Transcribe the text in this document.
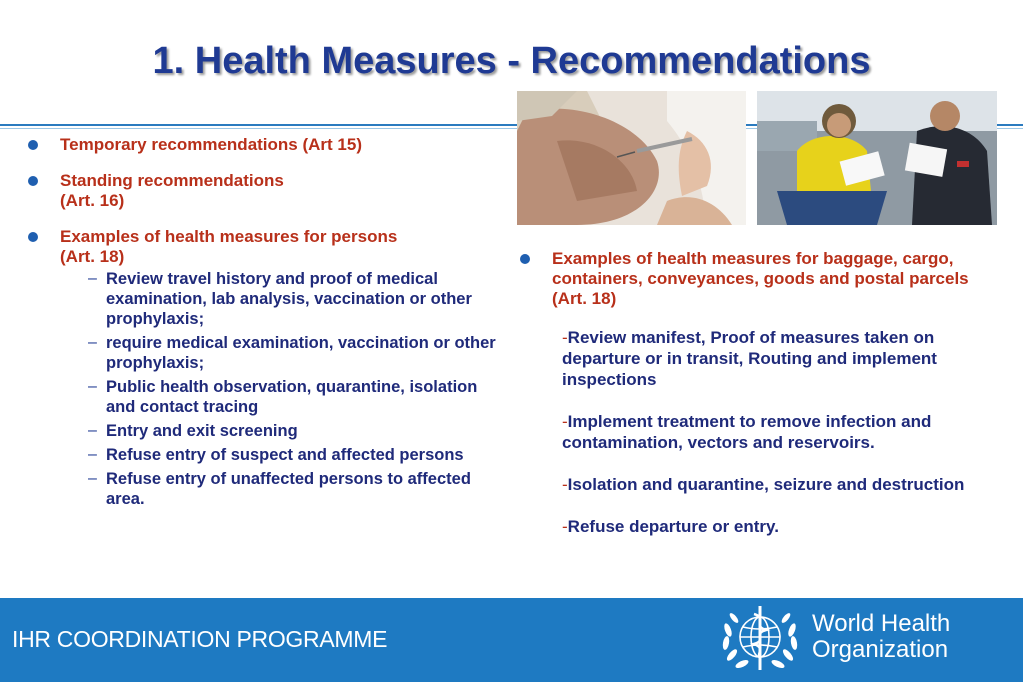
1. Health Measures - Recommendations
Temporary recommendations (Art 15)
Standing recommendations
(Art. 16)
Examples of health measures for persons
(Art. 18)
– Review travel history and proof of medical examination, lab analysis, vaccination or other prophylaxis;
– require medical examination, vaccination or other prophylaxis;
– Public health observation, quarantine, isolation and contact tracing
– Entry and exit screening
– Refuse entry of suspect and affected persons
– Refuse entry of unaffected persons to affected area.
Examples of health measures for baggage, cargo, containers, conveyances, goods and postal parcels (Art. 18)

-Review manifest, Proof of measures taken on departure or in transit, Routing and implement inspections

-Implement treatment to remove infection and contamination, vectors and reservoirs.

-Isolation and quarantine, seizure and destruction

-Refuse departure or entry.

IHR COORDINATION PROGRAMME
World Health
Organization
